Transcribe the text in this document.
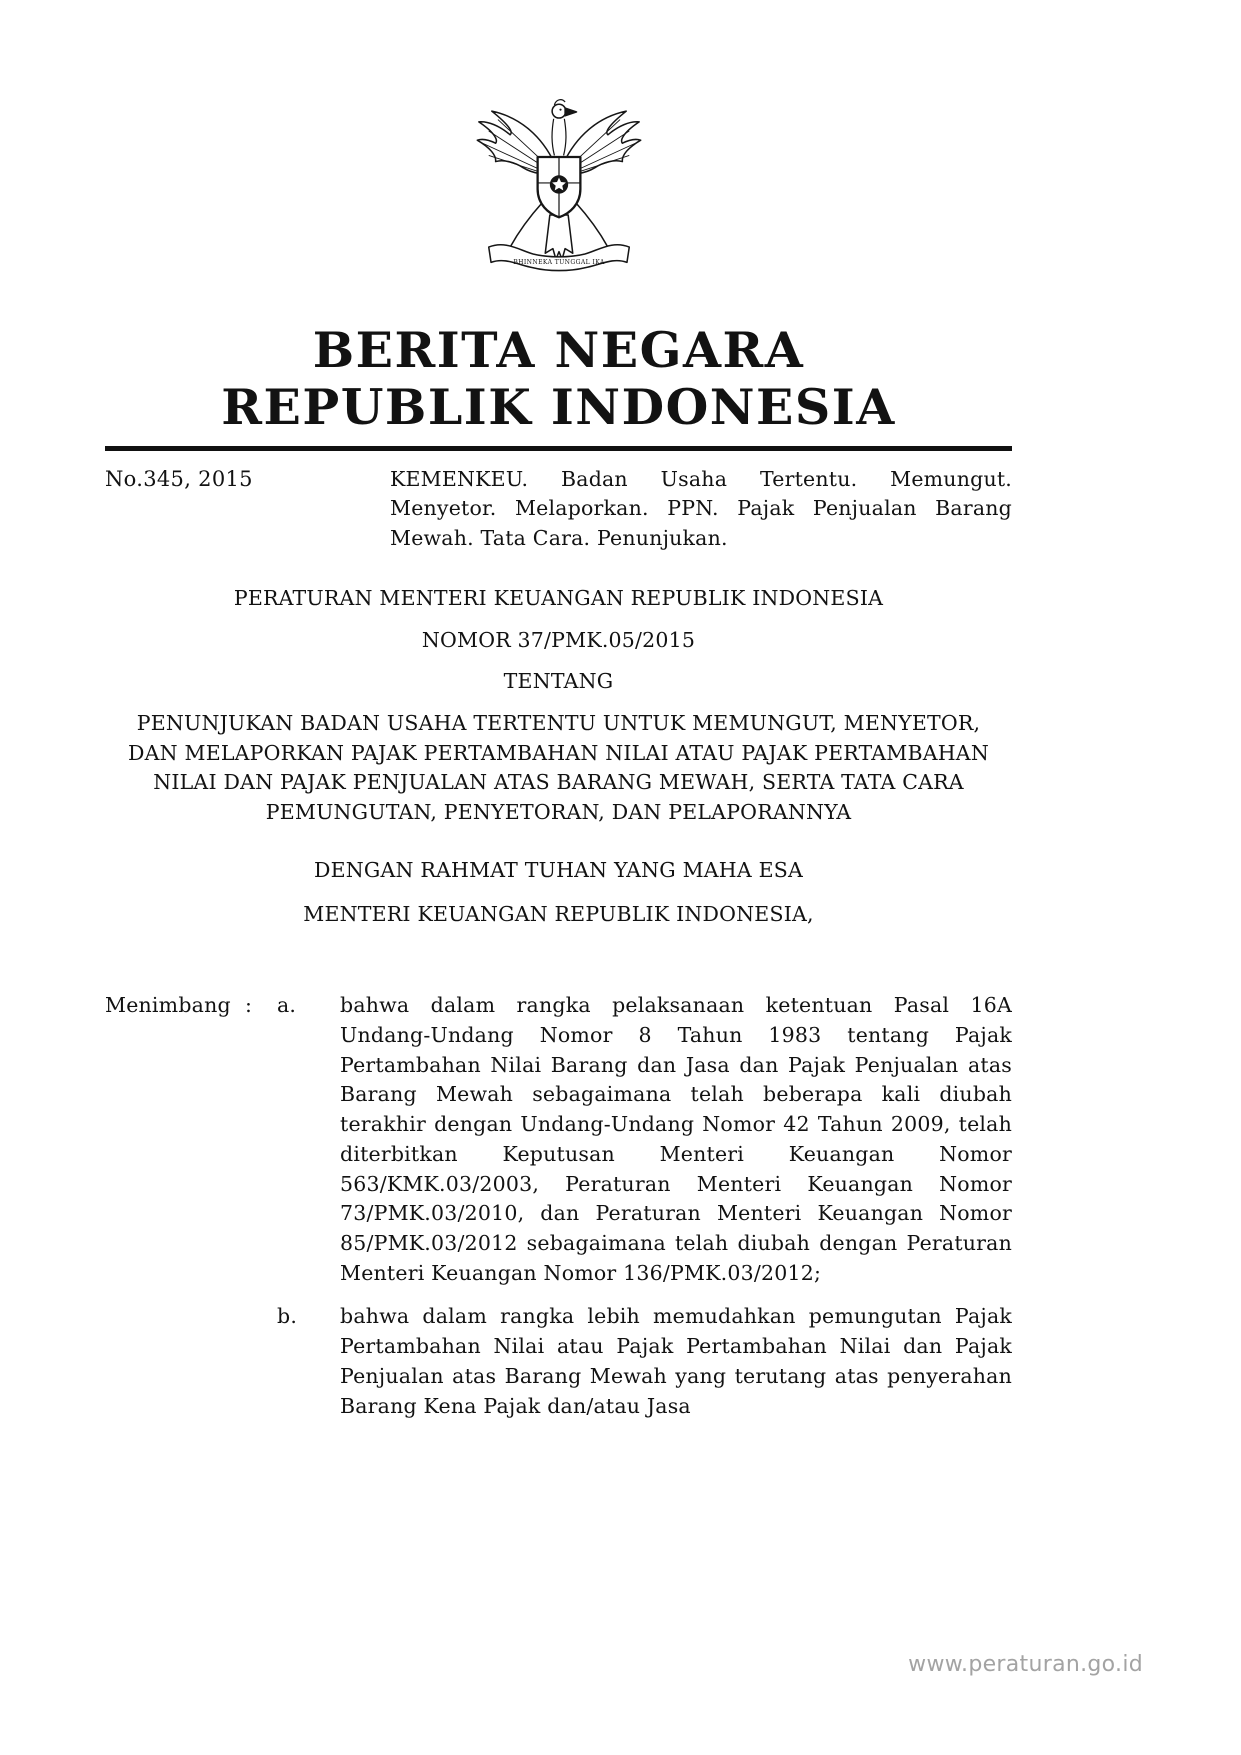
BHINNEKA TUNGGAL IKA
BERITA NEGARA
REPUBLIK INDONESIA
No.345, 2015	KEMENKEU. Badan Usaha Tertentu. Memungut. Menyetor. Melaporkan. PPN. Pajak Penjualan Barang Mewah. Tata Cara. Penunjukan.
PERATURAN MENTERI KEUANGAN REPUBLIK INDONESIA
NOMOR 37/PMK.05/2015
TENTANG
PENUNJUKAN BADAN USAHA TERTENTU UNTUK MEMUNGUT, MENYETOR, DAN MELAPORKAN PAJAK PERTAMBAHAN NILAI ATAU PAJAK PERTAMBAHAN NILAI DAN PAJAK PENJUALAN ATAS BARANG MEWAH, SERTA TATA CARA PEMUNGUTAN, PENYETORAN, DAN PELAPORANNYA
DENGAN RAHMAT TUHAN YANG MAHA ESA
MENTERI KEUANGAN REPUBLIK INDONESIA,
Menimbang :	a.	bahwa dalam rangka pelaksanaan ketentuan Pasal 16A Undang-Undang Nomor 8 Tahun 1983 tentang Pajak Pertambahan Nilai Barang dan Jasa dan Pajak Penjualan atas Barang Mewah sebagaimana telah beberapa kali diubah terakhir dengan Undang-Undang Nomor 42 Tahun 2009, telah diterbitkan Keputusan Menteri Keuangan Nomor 563/KMK.03/2003, Peraturan Menteri Keuangan Nomor 73/PMK.03/2010, dan Peraturan Menteri Keuangan Nomor 85/PMK.03/2012 sebagaimana telah diubah dengan Peraturan Menteri Keuangan Nomor 136/PMK.03/2012;
b.	bahwa dalam rangka lebih memudahkan pemungutan Pajak Pertambahan Nilai atau Pajak Pertambahan Nilai dan Pajak Penjualan atas Barang Mewah yang terutang atas penyerahan Barang Kena Pajak dan/atau Jasa
www.peraturan.go.id
